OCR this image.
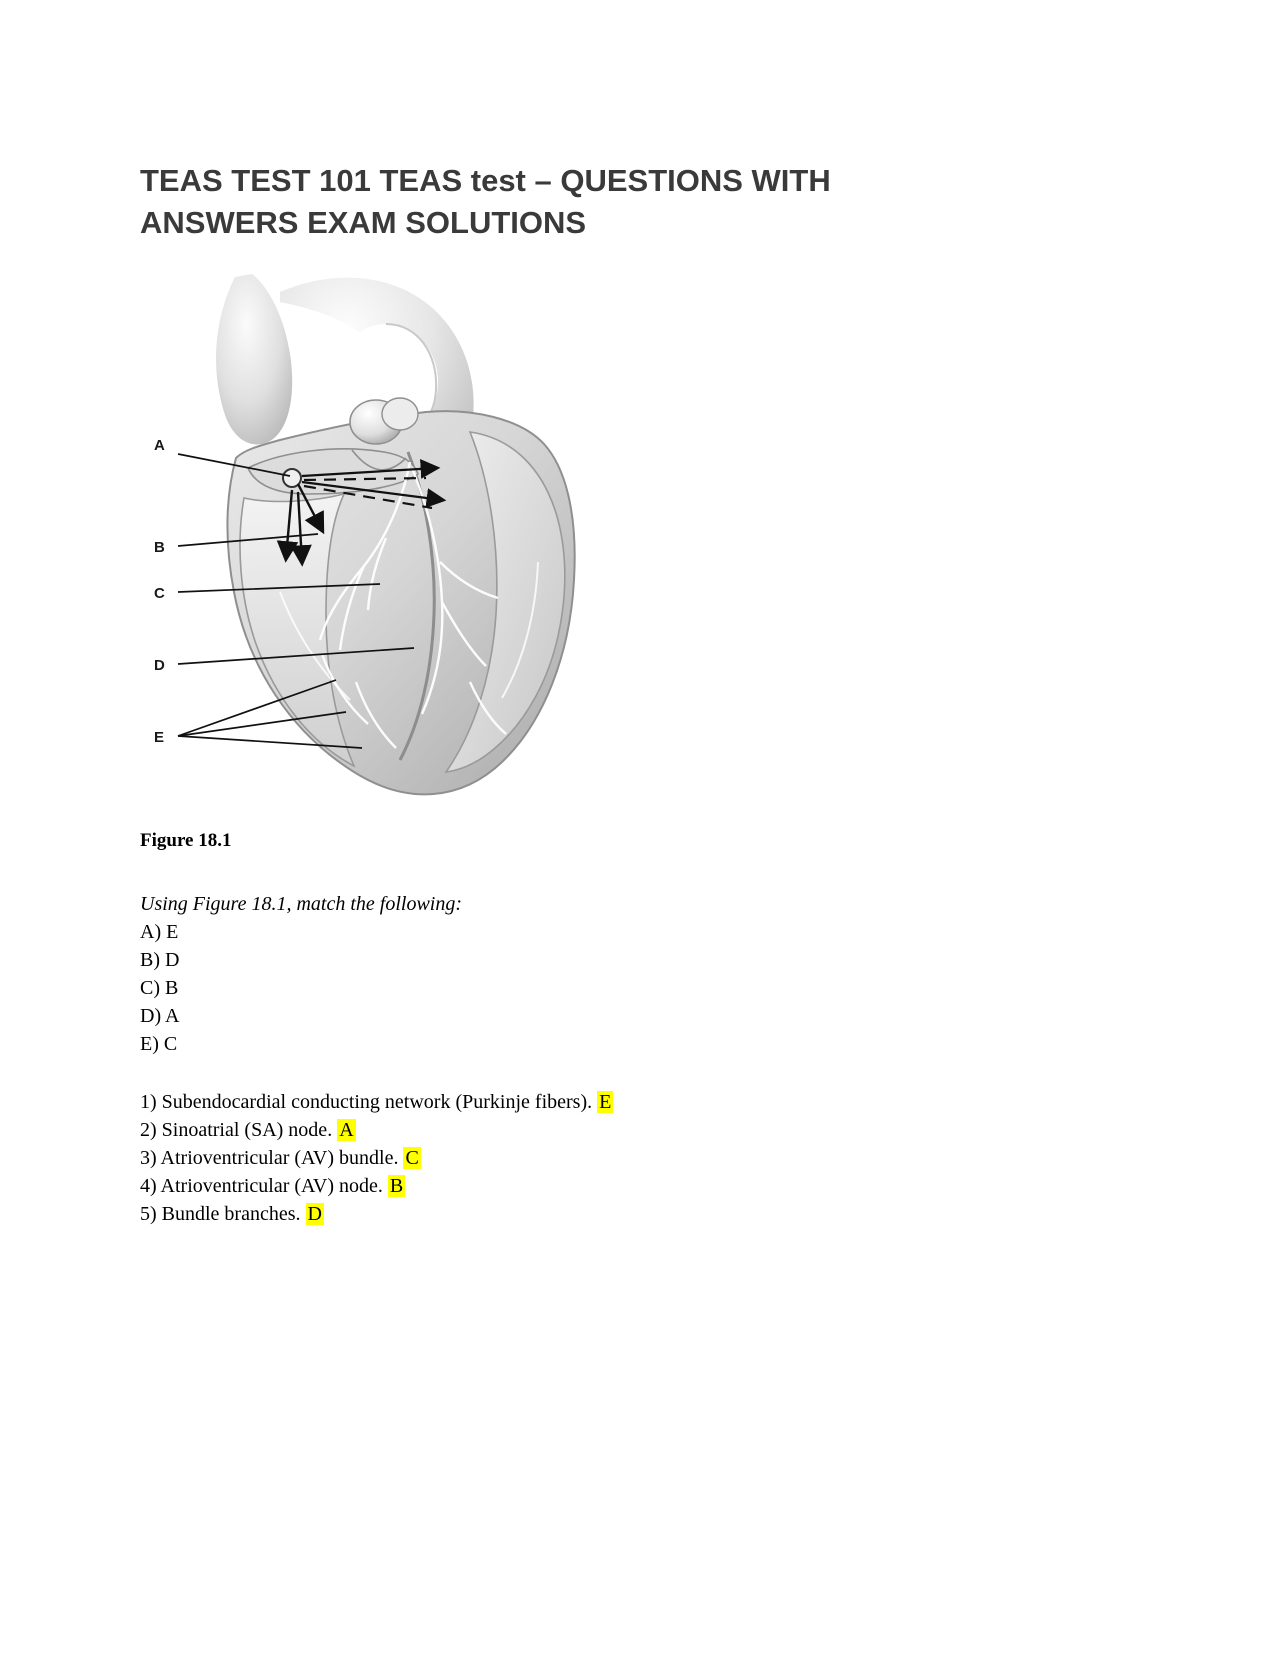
TEAS TEST 101 TEAS test – QUESTIONS WITH ANSWERS EXAM SOLUTIONS
A
B
C
D
E

Figure 18.1

Using Figure 18.1, match the following:

A) E
B) D
C) B
D) A
E) C
1) Subendocardial conducting network (Purkinje fibers). E
2) Sinoatrial (SA) node. A
3) Atrioventricular (AV) bundle. C
4) Atrioventricular (AV) node. B
5) Bundle branches. D
